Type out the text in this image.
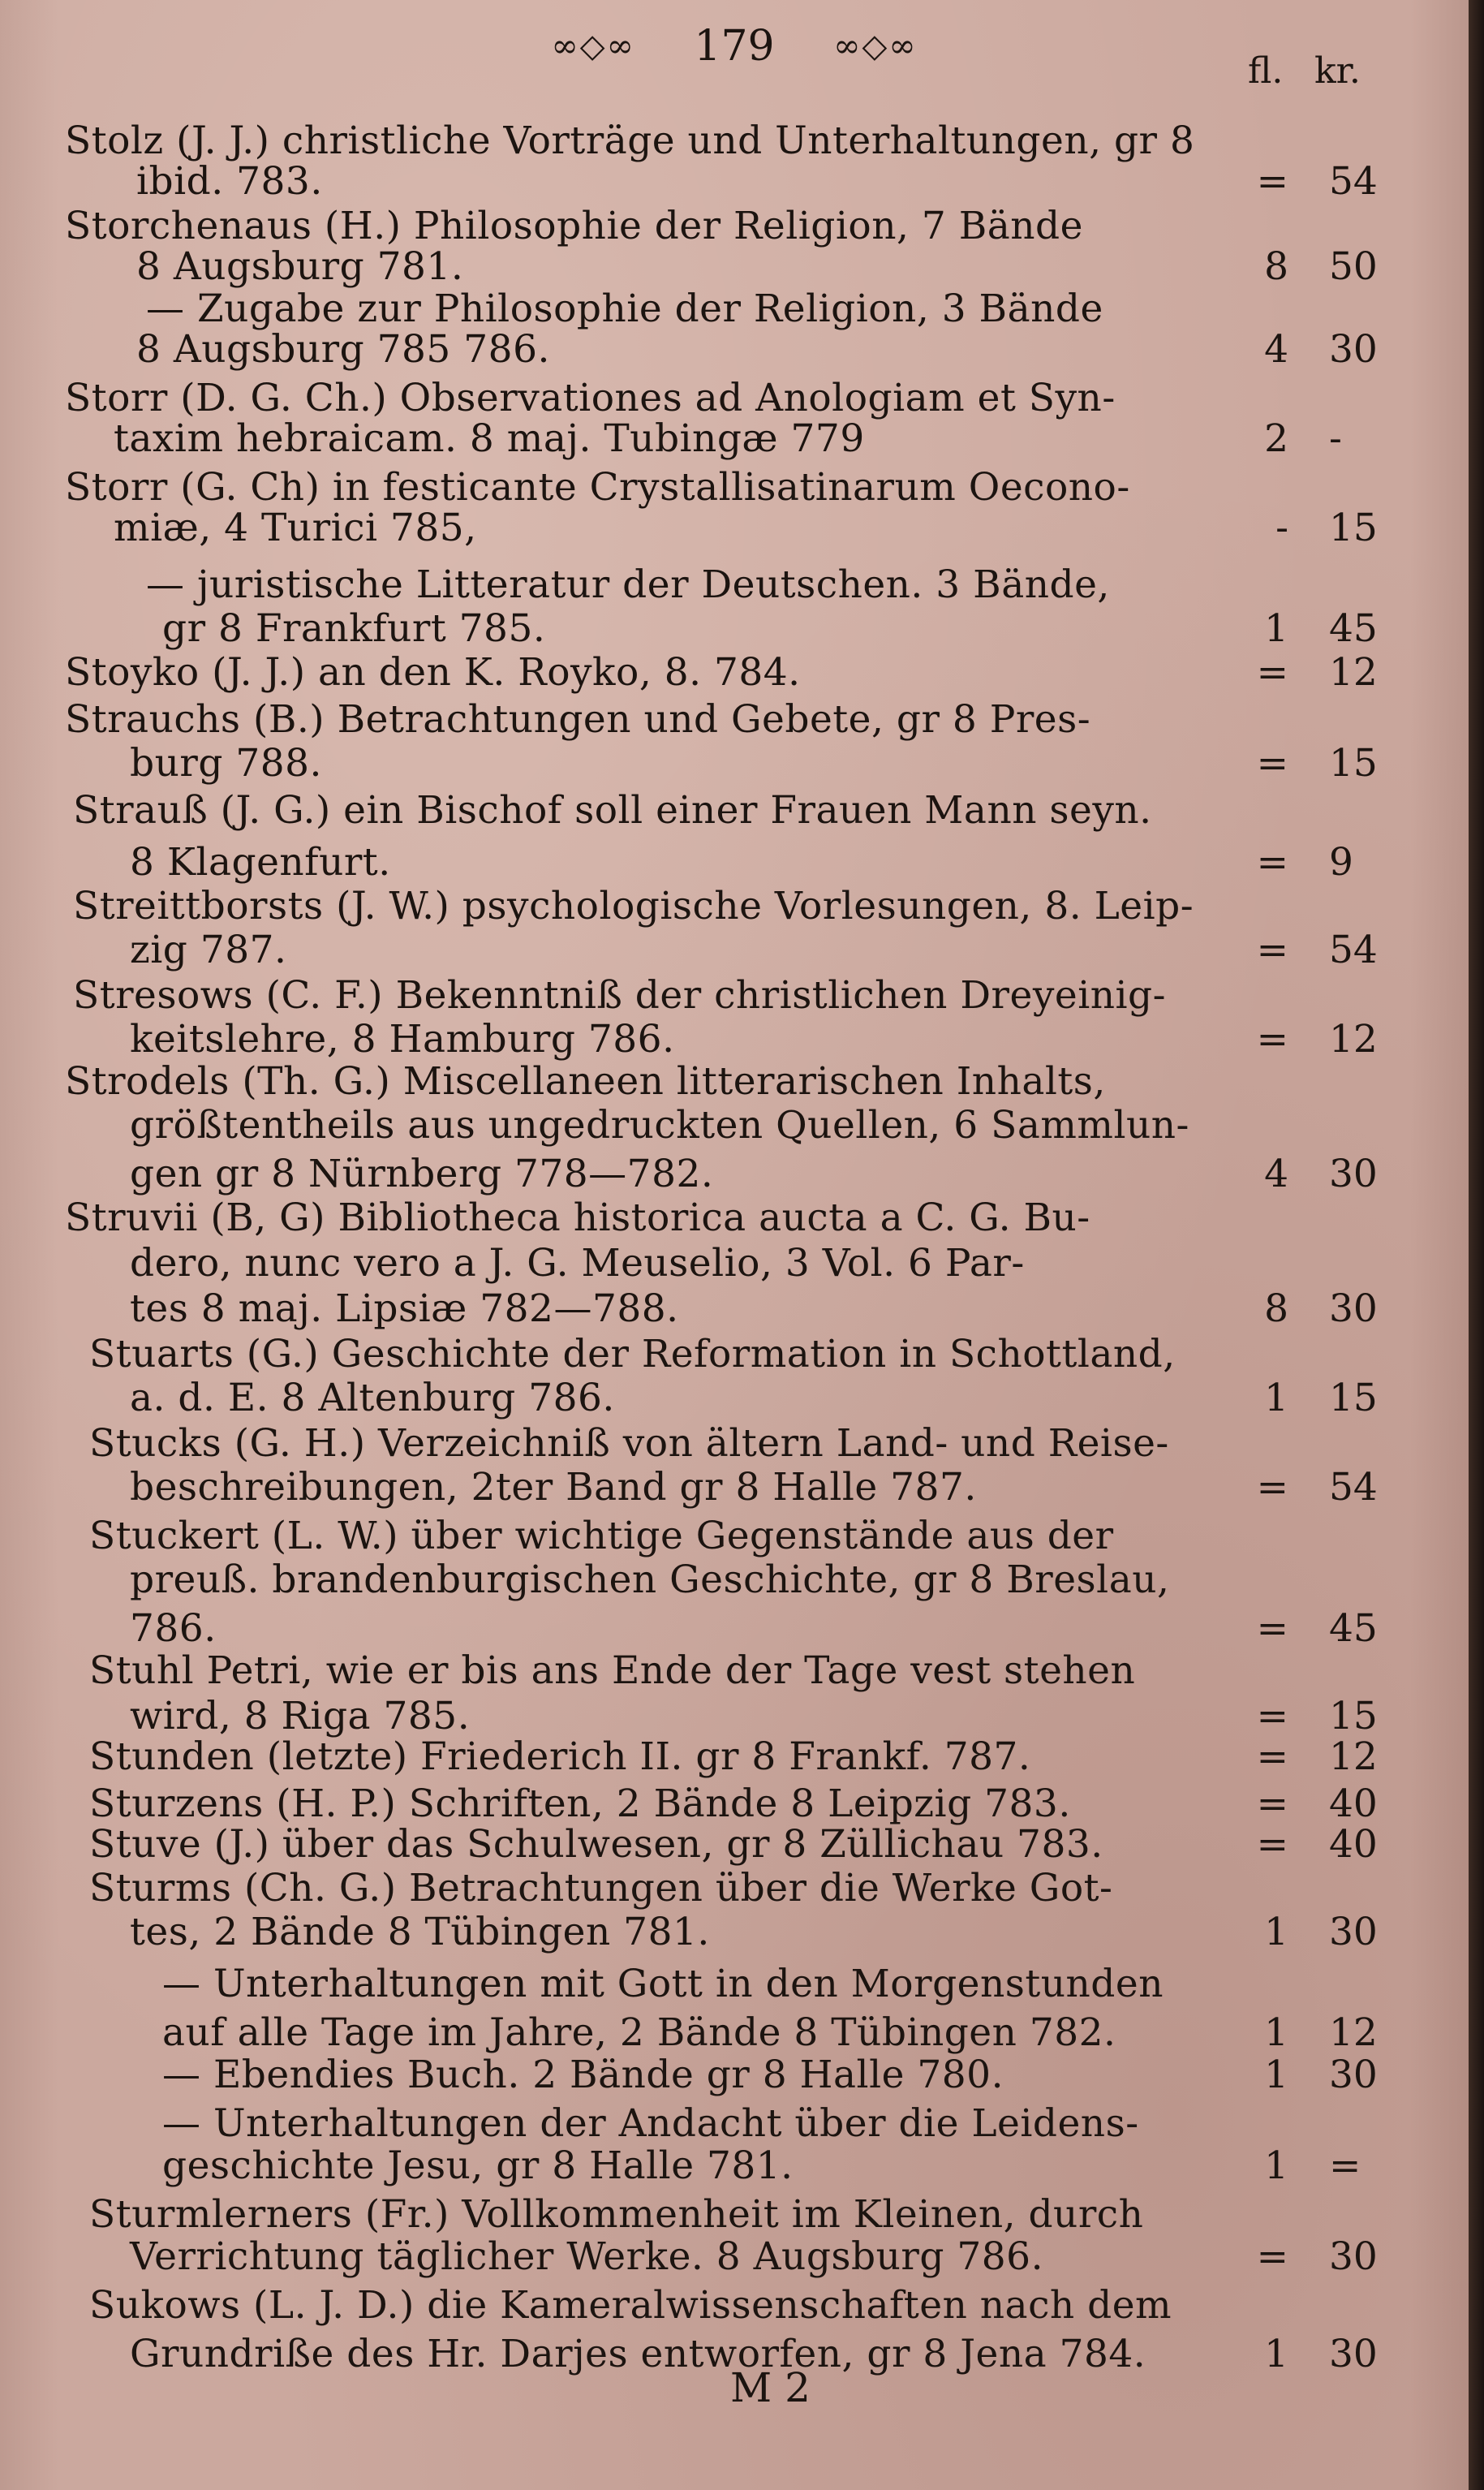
∞◇∞ 179 ∞◇∞
fl. kr.
Stolz (J. J.) christliche Vorträge und Unterhaltungen, gr 8
ibid. 783.
Storchenaus (H.) Philosophie der Religion, 7 Bände
8 Augsburg 781.
— Zugabe zur Philosophie der Religion, 3 Bände
8 Augsburg 785 786.
Storr (D. G. Ch.) Observationes ad Anologiam et Syn-
taxim hebraicam. 8 maj. Tubingæ 779
Storr (G. Ch) in festicante Crystallisatinarum Oecono-
miæ, 4 Turici 785,
— juristische Litteratur der Deutschen. 3 Bände,
gr 8 Frankfurt 785.
Stoyko (J. J.) an den K. Royko, 8. 784.
Strauchs (B.) Betrachtungen und Gebete, gr 8 Pres-
burg 788.
Strauß (J. G.) ein Bischof soll einer Frauen Mann seyn.
8 Klagenfurt.
Streittborsts (J. W.) psychologische Vorlesungen, 8. Leip-
zig 787.
Stresows (C. F.) Bekenntniß der christlichen Dreyeinig-
keitslehre, 8 Hamburg 786.
Strodels (Th. G.) Miscellaneen litterarischen Inhalts,
größtentheils aus ungedruckten Quellen, 6 Sammlun-
gen gr 8 Nürnberg 778—782.
Struvii (B, G) Bibliotheca historica aucta a C. G. Bu-
dero, nunc vero a J. G. Meuselio, 3 Vol. 6 Par-
tes 8 maj. Lipsiæ 782—788.
Stuarts (G.) Geschichte der Reformation in Schottland,
a. d. E. 8 Altenburg 786.
Stucks (G. H.) Verzeichniß von ältern Land- und Reise-
beschreibungen, 2ter Band gr 8 Halle 787.
Stuckert (L. W.) über wichtige Gegenstände aus der
preuß. brandenburgischen Geschichte, gr 8 Breslau,
786.
Stuhl Petri, wie er bis ans Ende der Tage vest stehen
wird, 8 Riga 785.
Stunden (letzte) Friederich II. gr 8 Frankf. 787.
Sturzens (H. P.) Schriften, 2 Bände 8 Leipzig 783.
Stuve (J.) über das Schulwesen, gr 8 Züllichau 783.
Sturms (Ch. G.) Betrachtungen über die Werke Got-
tes, 2 Bände 8 Tübingen 781.
— Unterhaltungen mit Gott in den Morgenstunden
auf alle Tage im Jahre, 2 Bände 8 Tübingen 782.
— Ebendies Buch. 2 Bände gr 8 Halle 780.
— Unterhaltungen der Andacht über die Leidens-
geschichte Jesu, gr 8 Halle 781.
Sturmlerners (Fr.) Vollkommenheit im Kleinen, durch
Verrichtung täglicher Werke. 8 Augsburg 786.
Sukows (L. J. D.) die Kameralwissenschaften nach dem
Grundriße des Hr. Darjes entworfen, gr 8 Jena 784.
= 54
8 50
4 30
2 -
- 15
1 45
= 12
= 15
= 9
= 54
= 12
4 30
8 30
1 15
= 54
= 45
= 15
= 12
= 40
= 40
1 30
1 12
1 30
1 =
= 30
1 30
M 2
